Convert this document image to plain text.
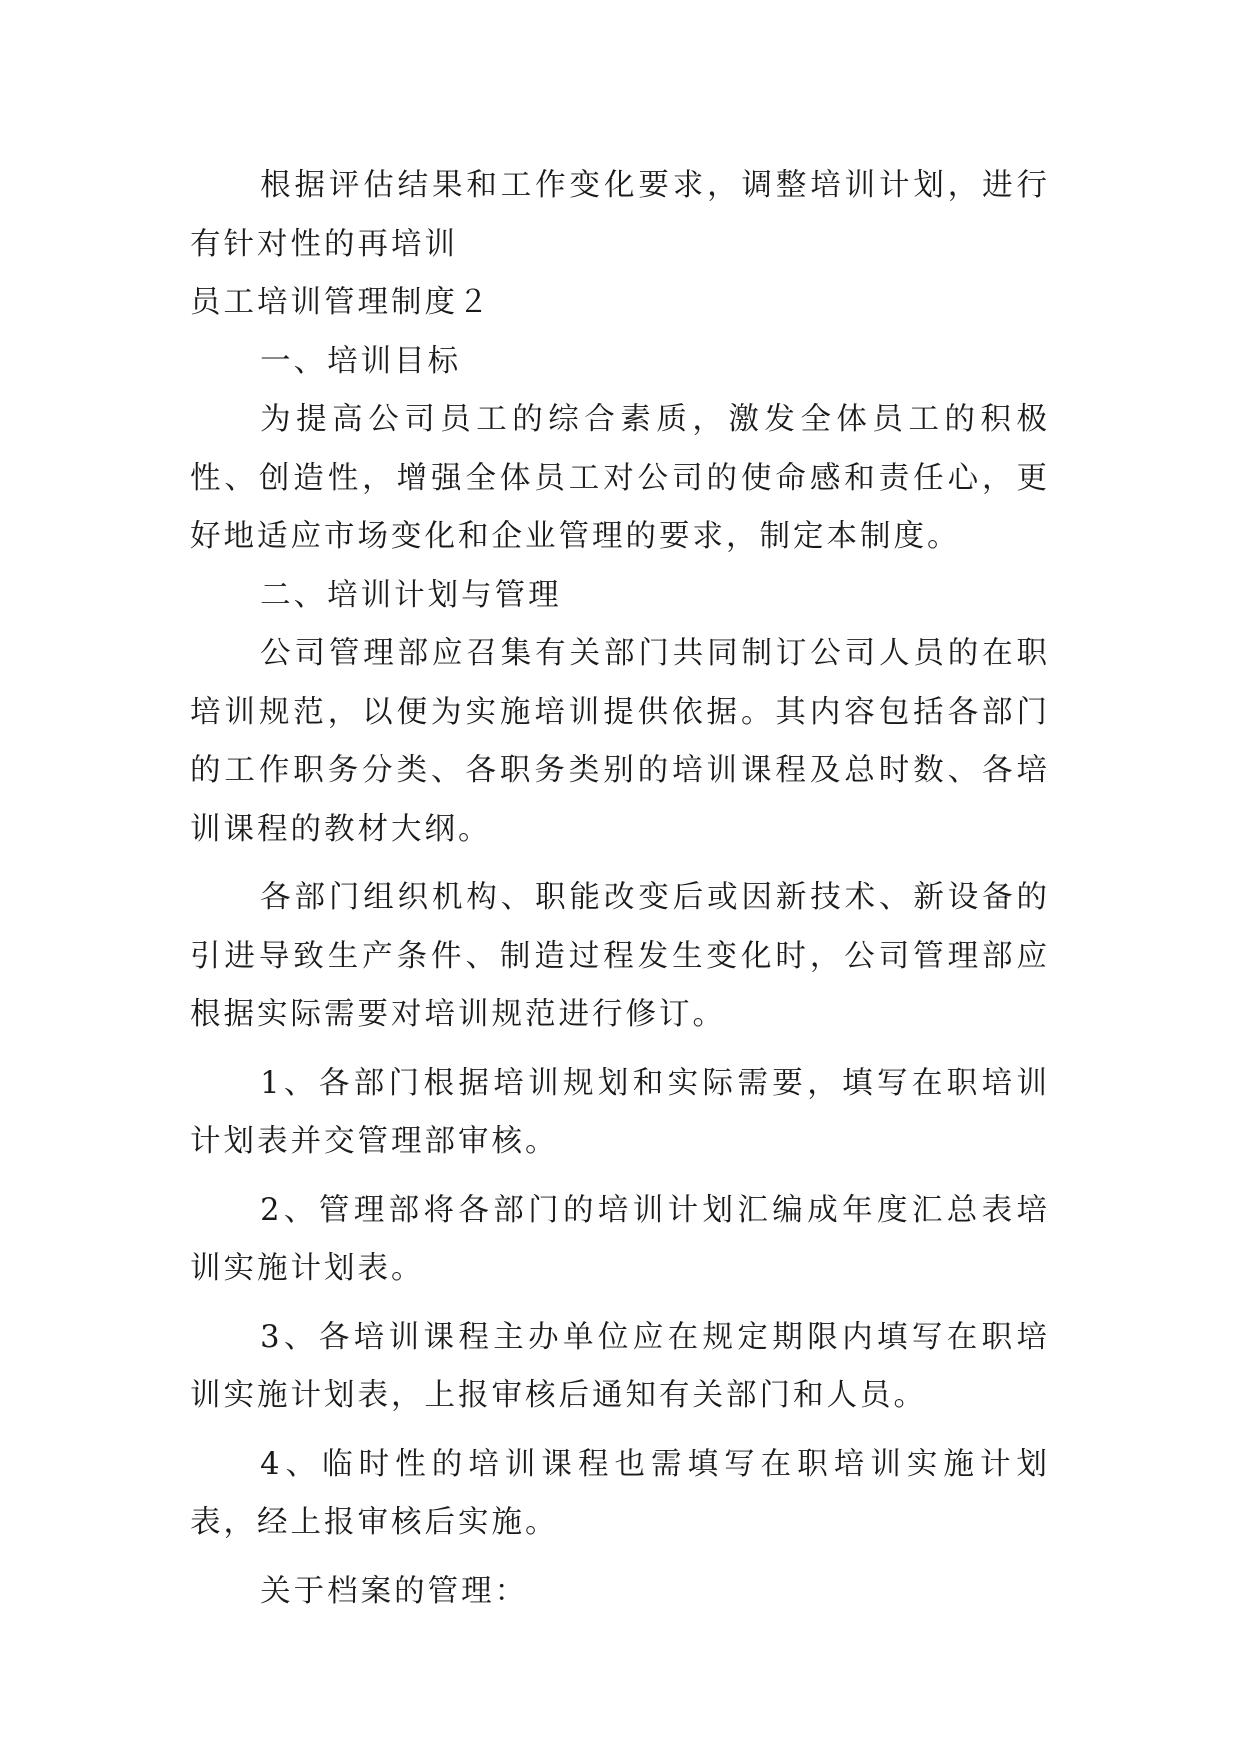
根据评估结果和工作变化要求，调整培训计划，进行有针对性的再培训

员工培训管理制度２

一、培训目标

为提高公司员工的综合素质，激发全体员工的积极性、创造性，增强全体员工对公司的使命感和责任心，更好地适应市场变化和企业管理的要求，制定本制度。

二、培训计划与管理

公司管理部应召集有关部门共同制订公司人员的在职培训规范，以便为实施培训提供依据。其内容包括各部门的工作职务分类、各职务类别的培训课程及总时数、各培训课程的教材大纲。

各部门组织机构、职能改变后或因新技术、新设备的引进导致生产条件、制造过程发生变化时，公司管理部应根据实际需要对培训规范进行修订。

1、各部门根据培训规划和实际需要，填写在职培训计划表并交管理部审核。

2、管理部将各部门的培训计划汇编成年度汇总表培训实施计划表。

3、各培训课程主办单位应在规定期限内填写在职培训实施计划表，上报审核后通知有关部门和人员。

4、临时性的培训课程也需填写在职培训实施计划表，经上报审核后实施。

关于档案的管理：
